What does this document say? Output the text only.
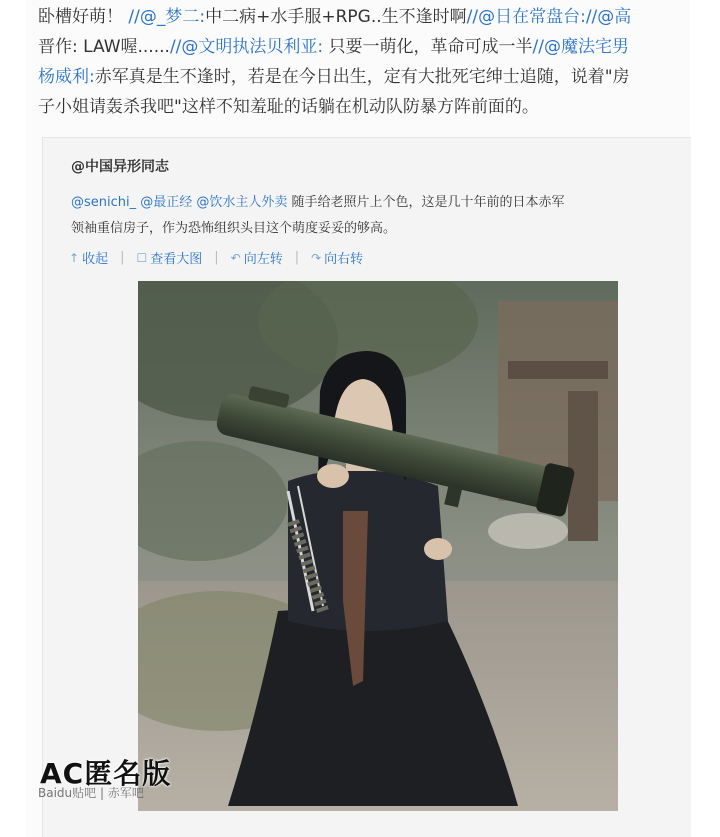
卧槽好萌！ //@_梦二:中二病+水手服+RPG..生不逢时啊//@日在常盘台://@高
晋作: LAW喔......//@文明执法贝利亚: 只要一萌化，革命可成一半//@魔法宅男
杨威利:赤军真是生不逢时，若是在今日出生，定有大批死宅绅士追随，说着"房
子小姐请轰杀我吧"这样不知羞耻的话躺在机动队防暴方阵前面的。
@中国异形同志
@senichi_ @最正经 @饮水主人外卖 随手给老照片上个色，这是几十年前的日本赤军
领袖重信房子，作为恐怖组织头目这个萌度妥妥的够高。
↑ 收起 | ☐ 查看大图 | ↶ 向左转 | ↷ 向右转
AC匿名版
Baidu贴吧 | 赤军吧
